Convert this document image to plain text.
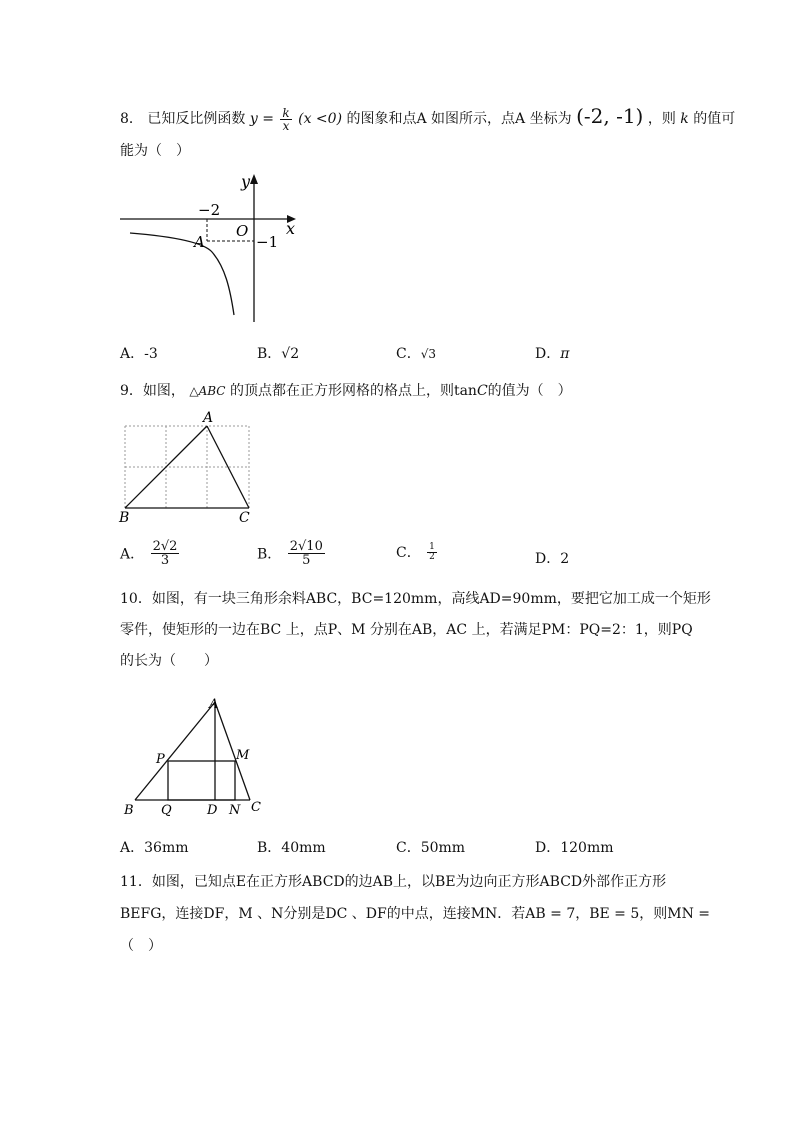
8． 已知反比例函数 $y = \frac{k}{x} (x <0)$ 的图象和点A 如图所示，点A 坐标为 (-2, -1) ，则 k 的值可
能为（　）
y
x
O
A
−2
−1
A．-3	B．√2	C．√3	D．π
9．如图， △ABC 的顶点都在正方形网格的格点上，则tanC的值为（　）
A
B	C
A． $\frac{2√2}{3}$	B． $\frac{2√10}{5}$	C． $\frac{1}{2}$	D．2
10．如图，有一块三角形余料ABC，BC=120mm，高线AD=90mm，要把它加工成一个矩形
零件，使矩形的一边在BC 上，点P、M 分别在AB，AC 上，若满足PM：PQ=2：1，则PQ
的长为（　　）
A
B	C
P	M
Q	D N
A．36mm	B．40mm	C．50mm	D．120mm
11．如图，已知点E在正方形ABCD的边AB上，以BE为边向正方形ABCD外部作正方形
BEFG，连接DF，M 、N分别是DC 、DF的中点，连接MN．若AB = 7，BE = 5，则MN =
（　）
